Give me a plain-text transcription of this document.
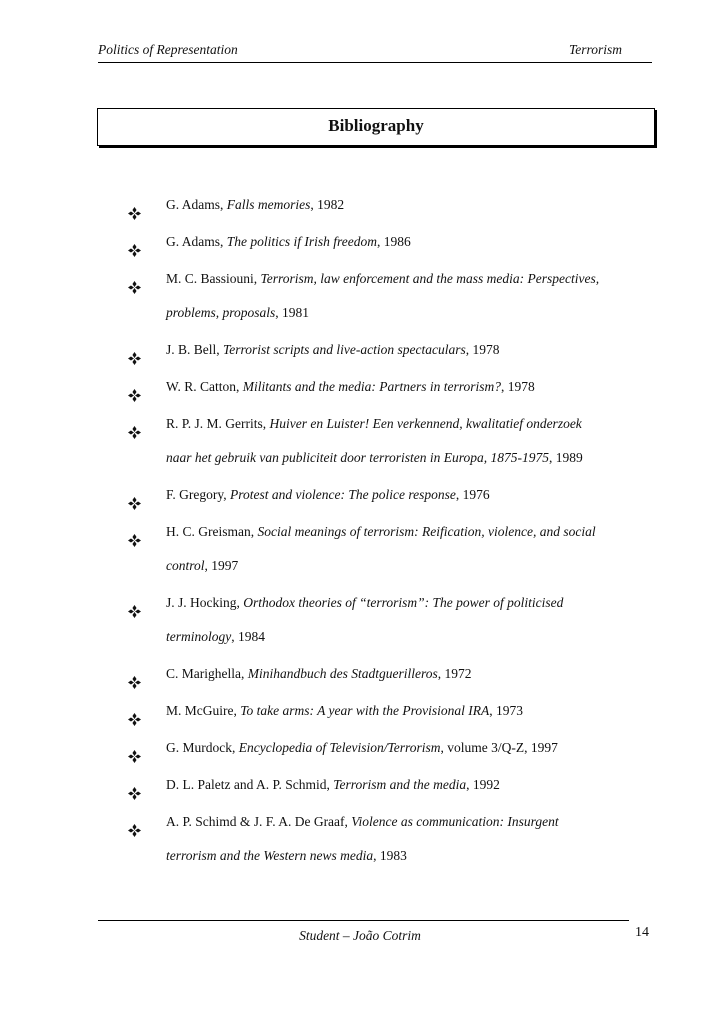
Politics of Representation	Terrorism
Bibliography

G. Adams, Falls memories, 1982

G. Adams, The politics if Irish freedom, 1986

M. C. Bassiouni, Terrorism, law enforcement and the mass media: Perspectives,

problems, proposals, 1981

J. B. Bell, Terrorist scripts and live-action spectaculars, 1978

W. R. Catton, Militants and the media: Partners in terrorism?, 1978

R. P. J. M. Gerrits, Huiver en Luister! Een verkennend, kwalitatief onderzoek

naar het gebruik van publiciteit door terroristen in Europa, 1875-1975, 1989

F. Gregory, Protest and violence: The police response, 1976

H. C. Greisman, Social meanings of terrorism: Reification, violence, and social

control, 1997

J. J. Hocking, Orthodox theories of “terrorism”: The power of politicised

terminology, 1984

C. Marighella, Minihandbuch des Stadtguerilleros, 1972

M. McGuire, To take arms: A year with the Provisional IRA, 1973

G. Murdock, Encyclopedia of Television/Terrorism, volume 3/Q-Z, 1997

D. L. Paletz and A. P. Schmid, Terrorism and the media, 1992

A. P. Schimd & J. F. A. De Graaf, Violence as communication: Insurgent

terrorism and the Western news media, 1983

Student – João Cotrim	14
